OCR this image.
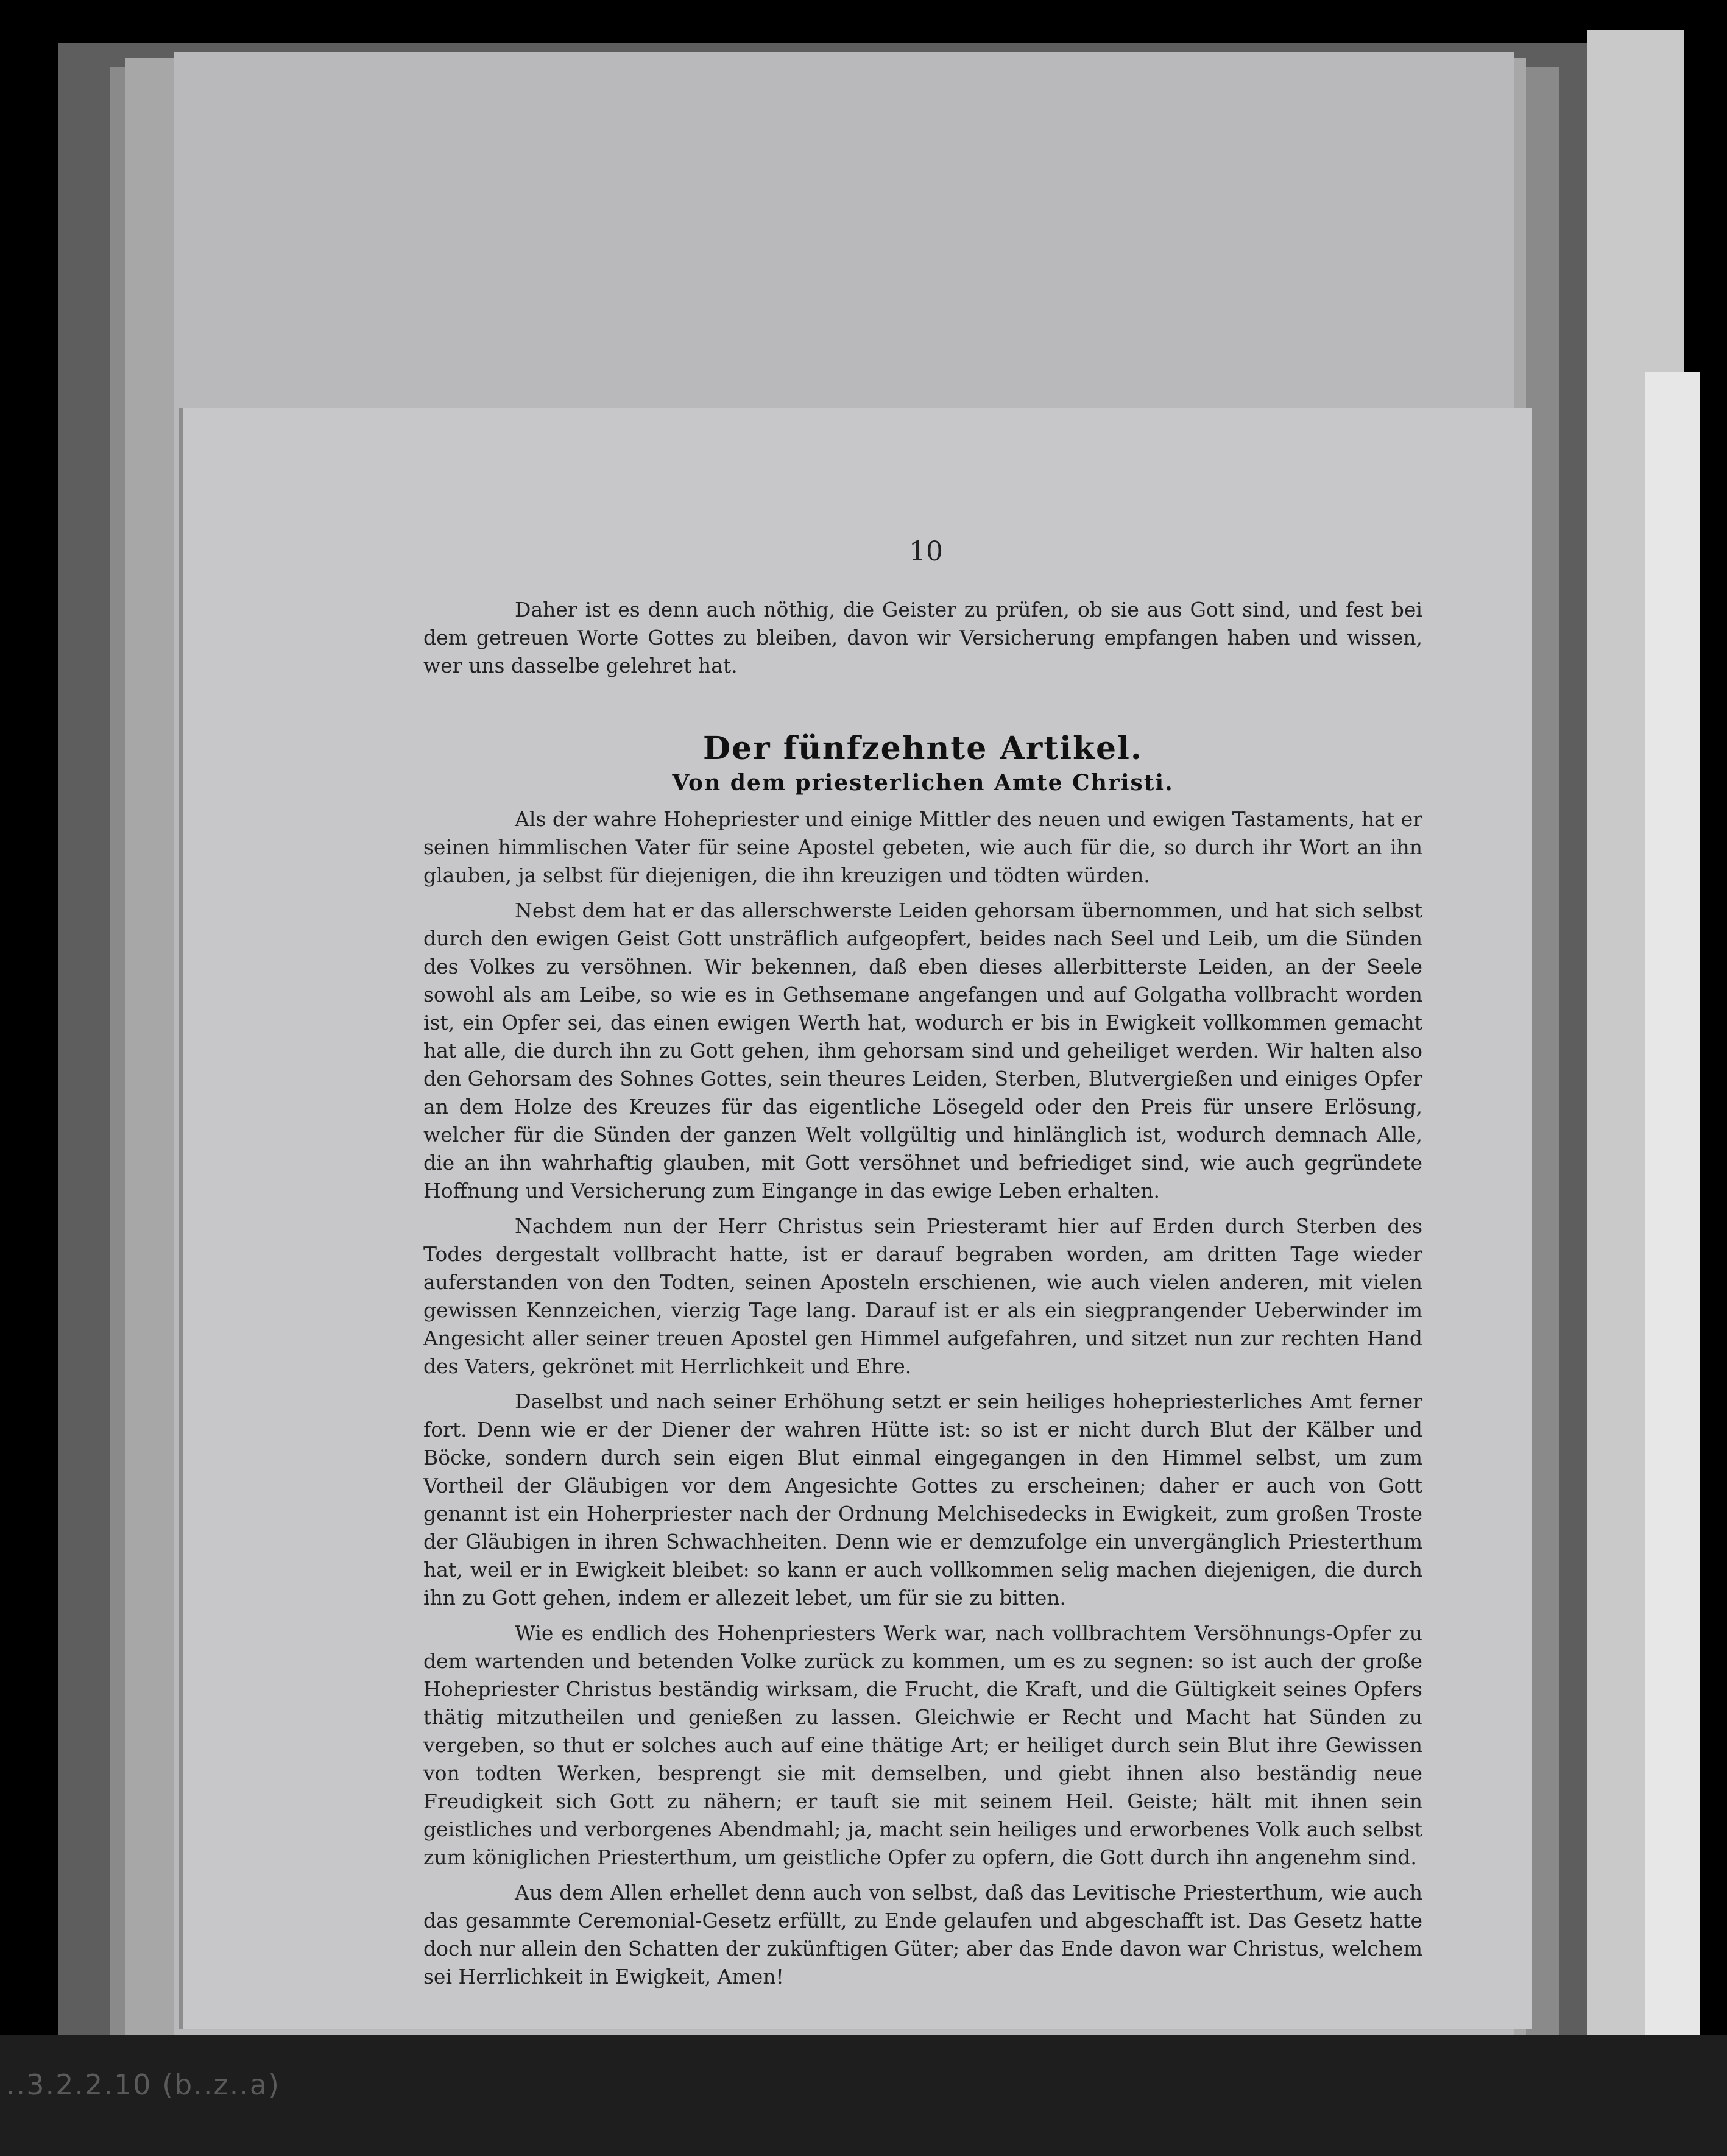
..3.2.2.10 (b..z..a)
10

Daher ist es denn auch nöthig, die Geister zu prüfen, ob sie aus Gott sind, und fest bei dem getreuen Worte Gottes zu bleiben, davon wir Versicherung empfangen haben und wissen, wer uns dasselbe gelehret hat.

Der fünfzehnte Artikel.
Von dem priesterlichen Amte Christi.

Als der wahre Hohepriester und einige Mittler des neuen und ewigen Tastaments, hat er seinen himmlischen Vater für seine Apostel gebeten, wie auch für die, so durch ihr Wort an ihn glauben, ja selbst für diejenigen, die ihn kreuzigen und tödten würden.

Nebst dem hat er das allerschwerste Leiden gehorsam übernommen, und hat sich selbst durch den ewigen Geist Gott unsträflich aufgeopfert, beides nach Seel und Leib, um die Sünden des Volkes zu versöhnen. Wir bekennen, daß eben dieses allerbitterste Leiden, an der Seele sowohl als am Leibe, so wie es in Gethsemane angefangen und auf Golgatha vollbracht worden ist, ein Opfer sei, das einen ewigen Werth hat, wodurch er bis in Ewigkeit vollkommen gemacht hat alle, die durch ihn zu Gott gehen, ihm gehorsam sind und geheiliget werden. Wir halten also den Gehorsam des Sohnes Gottes, sein theures Leiden, Sterben, Blutvergießen und einiges Opfer an dem Holze des Kreuzes für das eigentliche Lösegeld oder den Preis für unsere Erlösung, welcher für die Sünden der ganzen Welt vollgültig und hinlänglich ist, wodurch demnach Alle, die an ihn wahrhaftig glauben, mit Gott versöhnet und befriediget sind, wie auch gegründete Hoffnung und Versicherung zum Eingange in das ewige Leben erhalten.

Nachdem nun der Herr Christus sein Priesteramt hier auf Erden durch Sterben des Todes dergestalt vollbracht hatte, ist er darauf begraben worden, am dritten Tage wieder auferstanden von den Todten, seinen Aposteln erschienen, wie auch vielen anderen, mit vielen gewissen Kennzeichen, vierzig Tage lang. Darauf ist er als ein siegprangender Ueberwinder im Angesicht aller seiner treuen Apostel gen Himmel aufgefahren, und sitzet nun zur rechten Hand des Vaters, gekrönet mit Herrlichkeit und Ehre.

Daselbst und nach seiner Erhöhung setzt er sein heiliges hohepriesterliches Amt ferner fort. Denn wie er der Diener der wahren Hütte ist: so ist er nicht durch Blut der Kälber und Böcke, sondern durch sein eigen Blut einmal eingegangen in den Himmel selbst, um zum Vortheil der Gläubigen vor dem Angesichte Gottes zu erscheinen; daher er auch von Gott genannt ist ein Hoherpriester nach der Ordnung Melchisedecks in Ewigkeit, zum großen Troste der Gläubigen in ihren Schwachheiten. Denn wie er demzufolge ein unvergänglich Priesterthum hat, weil er in Ewigkeit bleibet: so kann er auch vollkommen selig machen diejenigen, die durch ihn zu Gott gehen, indem er allezeit lebet, um für sie zu bitten.

Wie es endlich des Hohenpriesters Werk war, nach vollbrachtem Versöhnungs-Opfer zu dem wartenden und betenden Volke zurück zu kommen, um es zu segnen: so ist auch der große Hohepriester Christus beständig wirksam, die Frucht, die Kraft, und die Gültigkeit seines Opfers thätig mitzutheilen und genießen zu lassen. Gleichwie er Recht und Macht hat Sünden zu vergeben, so thut er solches auch auf eine thätige Art; er heiliget durch sein Blut ihre Gewissen von todten Werken, besprengt sie mit demselben, und giebt ihnen also beständig neue Freudigkeit sich Gott zu nähern; er tauft sie mit seinem Heil. Geiste; hält mit ihnen sein geistliches und verborgenes Abendmahl; ja, macht sein heiliges und erworbenes Volk auch selbst zum königlichen Priesterthum, um geistliche Opfer zu opfern, die Gott durch ihn angenehm sind.

Aus dem Allen erhellet denn auch von selbst, daß das Levitische Priesterthum, wie auch das gesammte Ceremonial-Gesetz erfüllt, zu Ende gelaufen und abgeschafft ist. Das Gesetz hatte doch nur allein den Schatten der zukünftigen Güter; aber das Ende davon war Christus, welchem sei Herrlichkeit in Ewigkeit, Amen!
